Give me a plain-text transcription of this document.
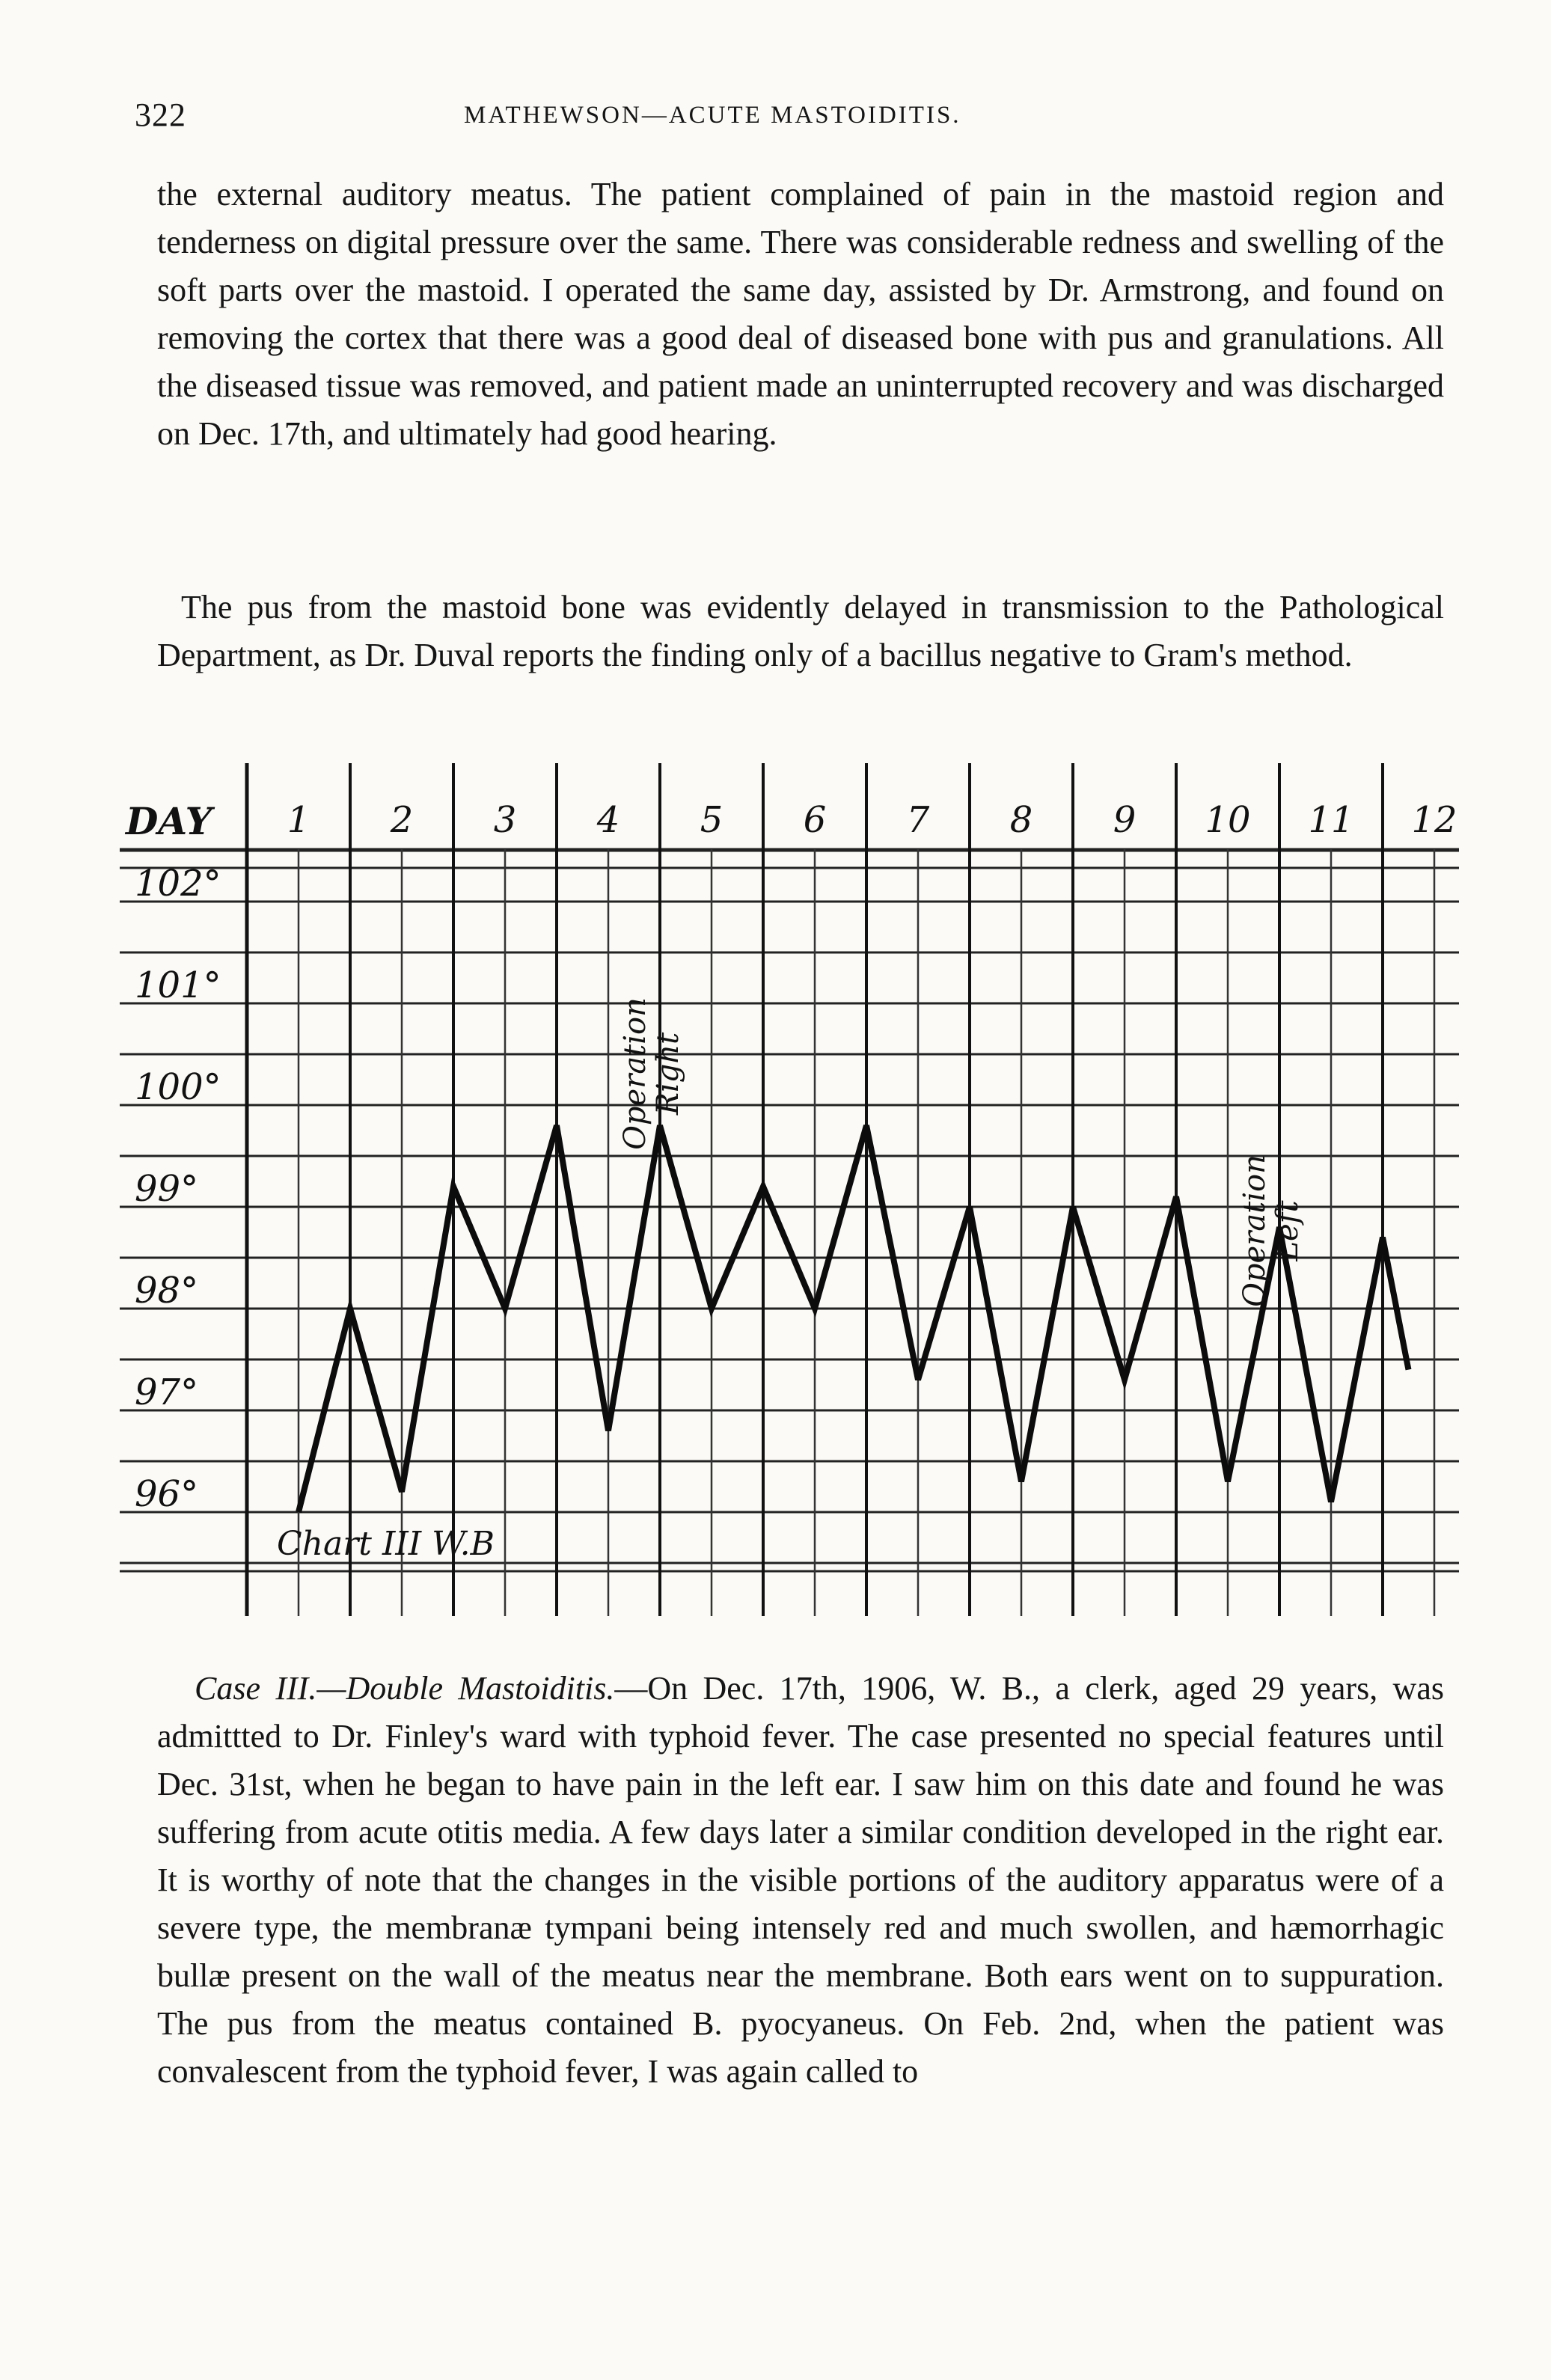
322	MATHEWSON—ACUTE MASTOIDITIS.

the external auditory meatus. The patient complained of pain in the mastoid region and tenderness on digital pressure over the same. There was considerable redness and swelling of the soft parts over the mastoid. I operated the same day, assisted by Dr. Armstrong, and found on removing the cortex that there was a good deal of diseased bone with pus and granulations. All the diseased tissue was removed, and patient made an uninterrupted recovery and was discharged on Dec. 17th, and ultimately had good hearing.

The pus from the mastoid bone was evidently delayed in transmission to the Pathological Department, as Dr. Duval reports the finding only of a bacillus negative to Gram's method.

DAY 1 2 3 4 5 6 7 8 9 10 11 12
102°
101°
100°
99°
98°
97°
96°
Operation
Right
Operation
Left
Chart III W.B

Case III.—Double Mastoiditis.—On Dec. 17th, 1906, W. B., a clerk, aged 29 years, was admittted to Dr. Finley's ward with typhoid fever. The case presented no special features until Dec. 31st, when he began to have pain in the left ear. I saw him on this date and found he was suffering from acute otitis media. A few days later a similar condition developed in the right ear. It is worthy of note that the changes in the visible portions of the auditory apparatus were of a severe type, the membranæ tympani being intensely red and much swollen, and hæmorrhagic bullæ present on the wall of the meatus near the membrane. Both ears went on to suppuration. The pus from the meatus contained B. pyocyaneus. On Feb. 2nd, when the patient was convalescent from the typhoid fever, I was again called to
